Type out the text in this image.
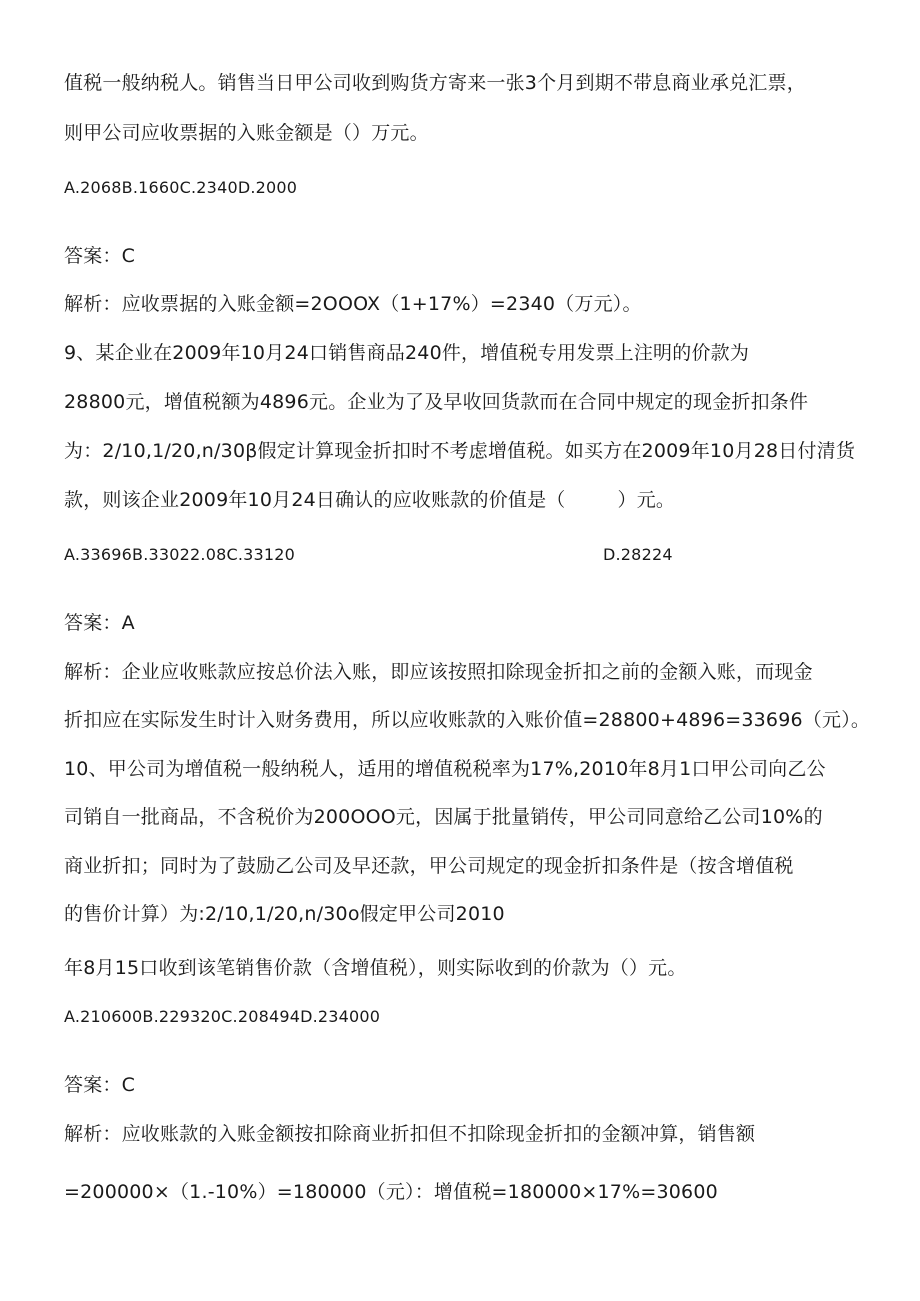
值税一般纳税人。销售当日甲公司收到购货方寄来一张3个月到期不带息商业承兑汇票，
则甲公司应收票据的入账金额是（）万元。
A.2068B.1660C.2340D.2000
答案：C
解析：应收票据的入账金额=2OOOX（1+17%）=2340（万元）。
9、某企业在2009年10月24口销售商品240件，增值税专用发票上注明的价款为
28800元，增值税额为4896元。企业为了及早收回货款而在合同中规定的现金折扣条件
为：2/10,1/20,n/30β假定计算现金折扣时不考虑增值税。如买方在2009年10月28日付清货
款，则该企业2009年10月24日确认的应收账款的价值是（	）元。
A.33696B.33022.08C.33120	D.28224
答案：A
解析：企业应收账款应按总价法入账，即应该按照扣除现金折扣之前的金额入账，而现金
折扣应在实际发生时计入财务费用，所以应收账款的入账价值=28800+4896=33696（元）。
10、甲公司为增值税一般纳税人，适用的增值税税率为17%,2010年8月1口甲公司向乙公
司销自一批商品，不含税价为200OOO元，因属于批量销传，甲公司同意给乙公司10%的
商业折扣；同时为了鼓励乙公司及早还款，甲公司规定的现金折扣条件是（按含增值税
的售价计算）为:2/10,1/20,n/30o假定甲公司2010
年8月15口收到该笔销售价款（含增值税），则实际收到的价款为（）元。
A.210600B.229320C.208494D.234000
答案：C
解析：应收账款的入账金额按扣除商业折扣但不扣除现金折扣的金额冲算，销售额
=200000×（1.-10%）=180000（元）：增值税=180000×17%=30600
